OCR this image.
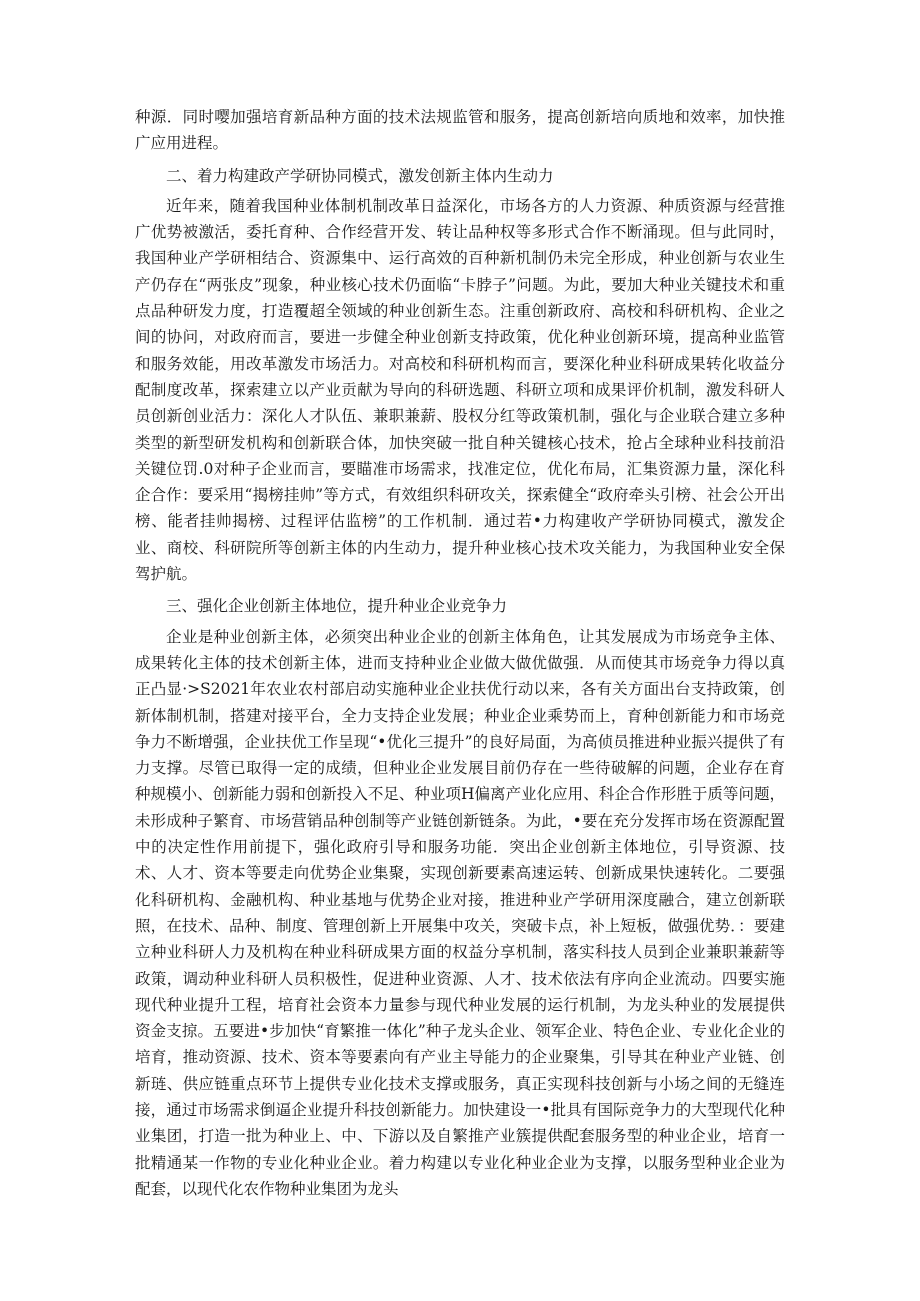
种源．同时嘤加强培育新品种方面的技术法规监管和服务，提高创新培向质地和效率，加快推广应用进程。

二、着力构建政产学研协同模式，激发创新主体内生动力

近年来，随着我国种业体制机制改革日益深化，市场各方的人力资源、种质资源与经营推广优势被激活，委托育种、合作经营开发、转让品种权等多形式合作不断涌现。但与此同时，我国种业产学研相结合、资源集中、运行高效的百种新机制仍未完全形成，种业创新与农业生产仍存在“两张皮”现象，种业核心技术仍面临“卡脖子”问题。为此，要加大种业关键技术和重点品种研发力度，打造覆超全领域的种业创新生态。注重创新政府、高校和科研机构、企业之间的协问，对政府而言，要进一步健全种业创新支持政策，优化种业创新环境，提高种业监管和服务效能，用改革激发市场活力。对高校和科研机构而言，要深化种业科研成果转化收益分配制度改革，探索建立以产业贡献为导向的科研选题、科研立项和成果评价机制，激发科研人员创新创业活力：深化人才队伍、兼职兼薪、股权分红等政策机制，强化与企业联合建立多种类型的新型研发机构和创新联合体，加快突破一批自种关键核心技术，抢占全球种业科技前沿关键位罚.0对种子企业而言，要瞄准市场需求，找准定位，优化布局，汇集资源力量，深化科企合作：要采用“揭榜挂帅”等方式，有效组织科研攻关，探索健全“政府牵头引榜、社会公开出榜、能者挂帅揭榜、过程评估监榜”的工作机制．通过若•力构建收产学研协同模式，激发企业、商校、科研院所等创新主体的内生动力，提升种业核心技术攻关能力，为我国种业安全保驾护航。

三、强化企业创新主体地位，提升种业企业竞争力

企业是种业创新主体，必须突出种业企业的创新主体角色，让其发展成为市场竞争主体、成果转化主体的技术创新主体，进而支持种业企业做大做优做强．从而使其市场竞争力得以真正凸显·>S2021年农业农村部启动实施种业企业扶优行动以来，各有关方面出台支持政策，创新体制机制，搭建对接平台，全力支持企业发展；种业企业乘势而上，育种创新能力和市场竞争力不断增强，企业扶优工作呈现“•优化三提升”的良好局面，为高侦员推进种业振兴提供了有力支撑。尽管已取得一定的成绩，但种业企业发展目前仍存在一些待破解的问题，企业存在育种规模小、创新能力弱和创新投入不足、种业项H偏离产业化应用、科企合作形胜于质等问题，未形成种子繁育、市场营销品种创制等产业链创新链条。为此，•要在充分发挥市场在资源配置中的决定性作用前提下，强化政府引导和服务功能．突出企业创新主体地位，引导资源、技术、人才、资本等要走向优势企业集聚，实现创新要素高速运转、创新成果快速转化。二要强化科研机构、金融机构、种业基地与优势企业对接，推进种业产学研用深度融合，建立创新联照，在技术、品种、制度、管理创新上开展集中攻关，突破卡点，补上短板，做强优势．：要建立种业科研人力及机构在种业科研成果方面的权益分享机制，落实科技人员到企业兼职兼薪等政策，调动种业科研人员积极性，促进种业资源、人才、技术依法有序向企业流动。四要实施现代种业提升工程，培育社会资本力量参与现代种业发展的运行机制，为龙头种业的发展提供资金支掠。五要进•步加快“育繁推一体化”种子龙头企业、领军企业、特色企业、专业化企业的培育，推动资源、技术、资本等要素向有产业主导能力的企业聚集，引导其在种业产业链、创新琏、供应链重点环节上提供专业化技术支撑或服务，真正实现科技创新与小场之间的无缝连接，通过市场需求倒逼企业提升科技创新能力。加快建设一•批具有国际竞争力的大型现代化种业集团，打造一批为种业上、中、下游以及自繁推产业簇提供配套服务型的种业企业，培育一批精通某一作物的专业化种业企业。着力构建以专业化种业企业为支撑，以服务型种业企业为配套，以现代化农作物种业集团为龙头
